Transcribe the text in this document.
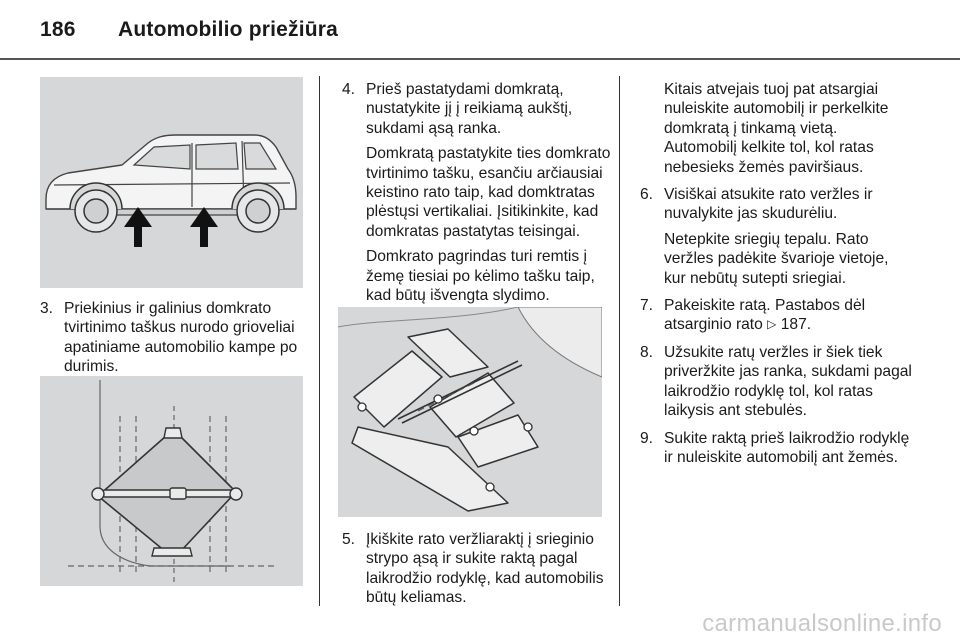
186 Automobilio priežiūra
3. Priekinius ir galinius domkrato tvirtinimo taškus nurodo grioveliai apatiniame automobilio kampe po durimis.
4. Prieš pastatydami domkratą, nustatykite jį į reikiamą aukštį, sukdami ąsą ranka.
Domkratą pastatykite ties domkrato tvirtinimo tašku, esančiu arčiausiai keistino rato taip, kad domktratas plėstųsi vertikaliai. Įsitikinkite, kad domkratas pastatytas teisingai.
Domkrato pagrindas turi remtis į žemę tiesiai po kėlimo tašku taip, kad būtų išvengta slydimo.
5. Įkiškite rato veržliaraktį į srieginio strypo ąsą ir sukite raktą pagal laikrodžio rodyklę, kad automobilis būtų keliamas.
Kitais atvejais tuoj pat atsargiai nuleiskite automobilį ir perkelkite domkratą į tinkamą vietą. Automobilį kelkite tol, kol ratas nebesieks žemės paviršiaus.
6. Visiškai atsukite rato veržles ir nuvalykite jas skudurėliu.
Netepkite sriegių tepalu. Rato veržles padėkite švarioje vietoje, kur nebūtų sutepti sriegiai.
7. Pakeiskite ratą. Pastabos dėl atsarginio rato ▷ 187.
8. Užsukite ratų veržles ir šiek tiek priveržkite jas ranka, sukdami pagal laikrodžio rodyklę tol, kol ratas laikysis ant stebulės.
9. Sukite raktą prieš laikrodžio rodyklę ir nuleiskite automobilį ant žemės.
carmanualsonline.info
